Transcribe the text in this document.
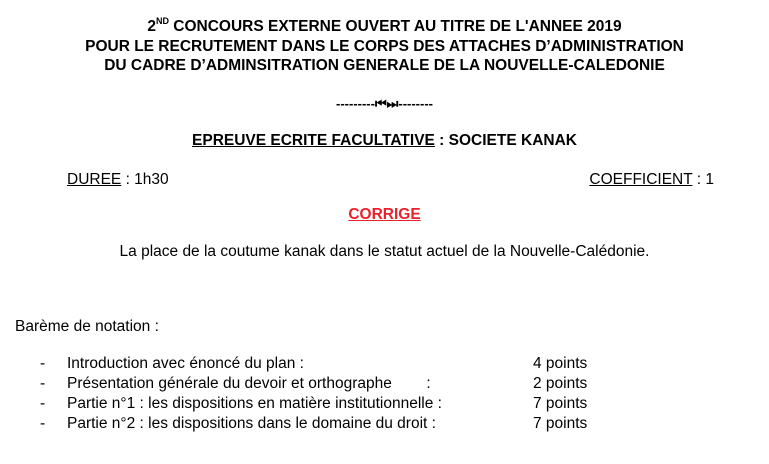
2ND CONCOURS EXTERNE OUVERT AU TITRE DE L'ANNEE 2019
POUR LE RECRUTEMENT DANS LE CORPS DES ATTACHES D’ADMINISTRATION
DU CADRE D’ADMINSITRATION GENERALE DE LA NOUVELLE-CALEDONIE
---------⏮⏭--------
EPREUVE ECRITE FACULTATIVE : SOCIETE KANAK
DUREE : 1h30	COEFFICIENT : 1
CORRIGE
La place de la coutume kanak dans le statut actuel de la Nouvelle-Calédonie.
Barème de notation :
- Introduction avec énoncé du plan :	4 points
- Présentation générale du devoir et orthographe        :	2 points
- Partie n°1 : les dispositions en matière institutionnelle :	7 points
- Partie n°2 : les dispositions dans le domaine du droit :	7 points
